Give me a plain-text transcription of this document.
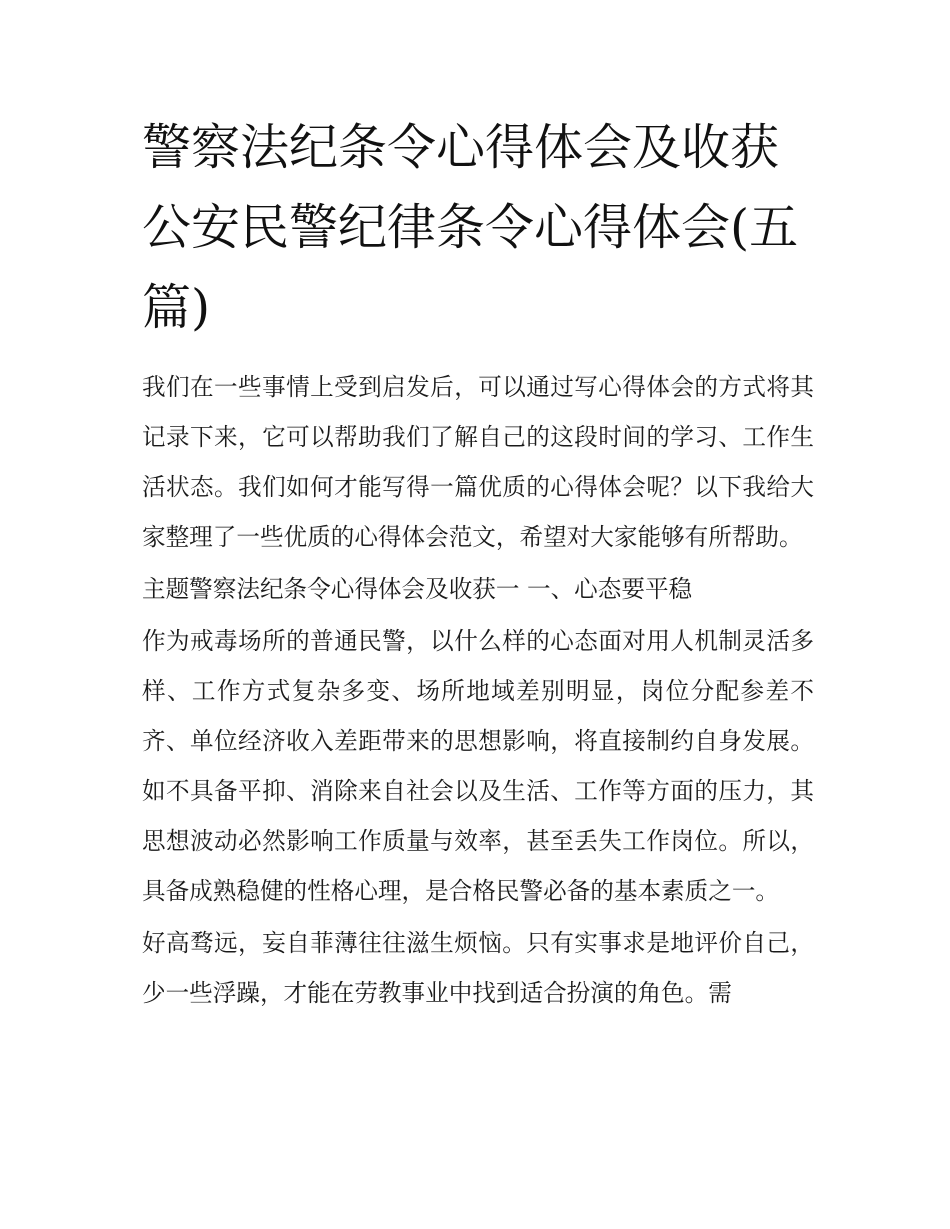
警察法纪条令心得体会及收获公安民警纪律条令心得体会(五篇)

我们在一些事情上受到启发后，可以通过写心得体会的方式将其记录下来，它可以帮助我们了解自己的这段时间的学习、工作生活状态。我们如何才能写得一篇优质的心得体会呢？以下我给大家整理了一些优质的心得体会范文，希望对大家能够有所帮助。

主题警察法纪条令心得体会及收获一 一、心态要平稳

作为戒毒场所的普通民警，以什么样的心态面对用人机制灵活多样、工作方式复杂多变、场所地域差别明显，岗位分配参差不齐、单位经济收入差距带来的思想影响，将直接制约自身发展。如不具备平抑、消除来自社会以及生活、工作等方面的压力，其思想波动必然影响工作质量与效率，甚至丢失工作岗位。所以，具备成熟稳健的性格心理，是合格民警必备的基本素质之一。

好高骛远，妄自菲薄往往滋生烦恼。只有实事求是地评价自己，少一些浮躁，才能在劳教事业中找到适合扮演的角色。需
